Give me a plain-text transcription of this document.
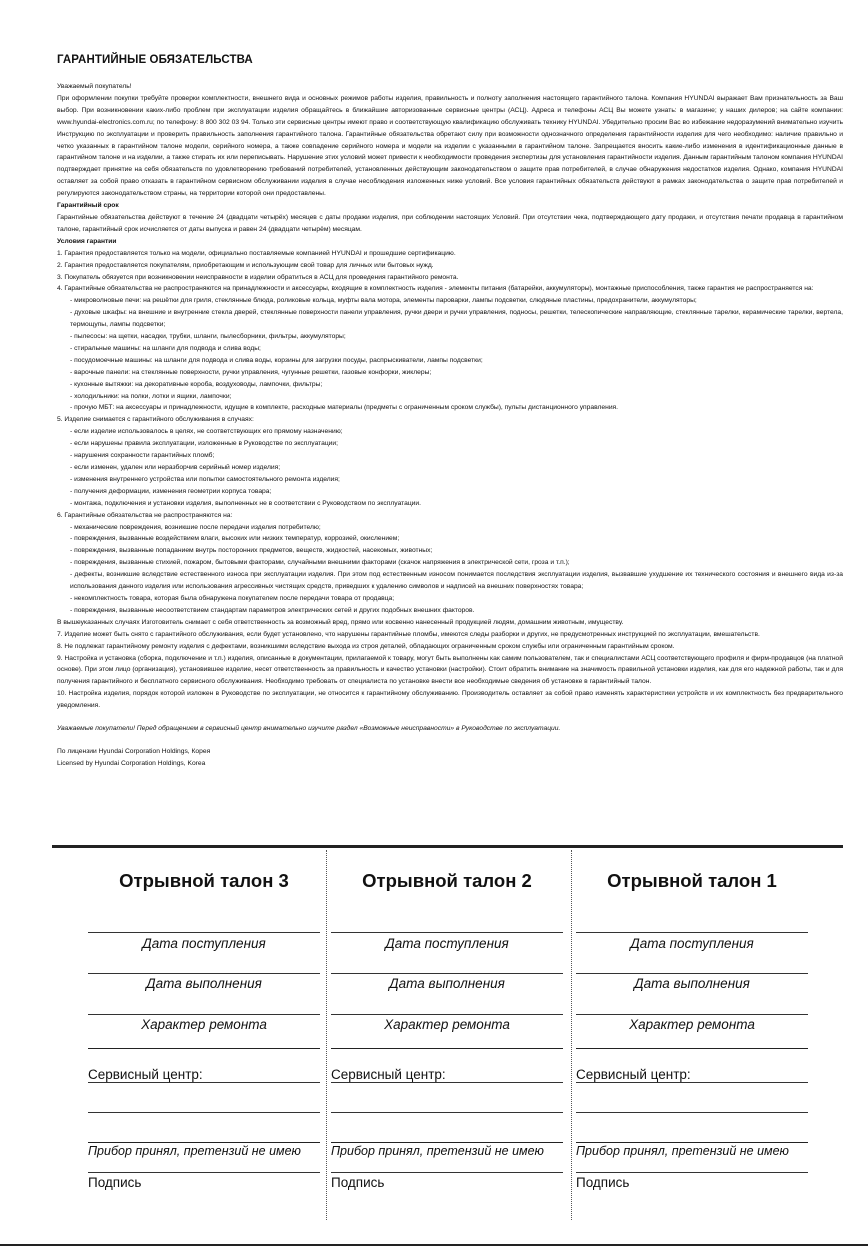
ГАРАНТИЙНЫЕ ОБЯЗАТЕЛЬСТВА

Уважаемый покупатель!

При оформлении покупки требуйте проверки комплектности, внешнего вида и основных режимов работы изделия, правильность и полноту заполнения настоящего гарантийного талона. Компания HYUNDAI выражает Вам признательность за Ваш выбор. При возникновении каких-либо проблем при эксплуатации изделия обращайтесь в ближайшие авторизованные сервисные центры (АСЦ). Адреса и телефоны АСЦ Вы можете узнать: в магазине; у наших дилеров; на сайте компании: www.hyundai-electronics.com.ru; по телефону: 8 800 302 03 94. Только эти сервисные центры имеют право и соответствующую квалификацию обслуживать технику HYUNDAI. Убедительно просим Вас во избежание недоразумений внимательно изучить Инструкцию по эксплуатации и проверить правильность заполнения гарантийного талона. Гарантийные обязательства обретают силу при возможности однозначного определения гарантийности изделия для чего необходимо: наличие правильно и четко указанных в гарантийном талоне модели, серийного номера, а также совпадение серийного номера и модели на изделии с указанными в гарантийном талоне. Запрещается вносить какие-либо изменения в идентификационные данные в гарантийном талоне и на изделии, а также стирать их или переписывать. Нарушение этих условий может привести к необходимости проведения экспертизы для установления гарантийности изделия. Данным гарантийным талоном компания HYUNDAI подтверждает принятие на себя обязательств по удовлетворению требований потребителей, установленных действующим законодательством о защите прав потребителей, в случае обнаружения недостатков изделия. Однако, компания HYUNDAI оставляет за собой право отказать в гарантийном сервисном обслуживании изделия в случае несоблюдения изложенных ниже условий. Все условия гарантийных обязательств действуют в рамках законодательства о защите прав потребителей и регулируются законодательством страны, на территории которой они предоставлены.

Гарантийный срок

Гарантийные обязательства действуют в течение 24 (двадцати четырёх) месяцев с даты продажи изделия, при соблюдении настоящих Условий. При отсутствии чека, подтверждающего дату продажи, и отсутствия печати продавца в гарантийном талоне, гарантийный срок исчисляется от даты выпуска и равен 24 (двадцати четырём) месяцам.

Условия гарантии

1. Гарантия предоставляется только на модели, официально поставляемые компанией HYUNDAI и прошедшие сертификацию.

2. Гарантия предоставляется покупателям, приобретающим и использующим свой товар для личных или бытовых нужд.

3. Покупатель обязуется при возникновении неисправности в изделии обратиться в АСЦ для проведения гарантийного ремонта.

4. Гарантийные обязательства не распространяются на принадлежности и аксессуары, входящие в комплектность изделия - элементы питания (батарейки, аккумуляторы), монтажные приспособления, также гарантия не распространяется на:

- микроволновые печи: на решётки для гриля, стеклянные блюда, роликовые кольца, муфты вала мотора, элементы пароварки, лампы подсветки, слюдяные пластины, предохранители, аккумуляторы;

- духовые шкафы: на внешние и внутренние стекла дверей, стеклянные поверхности панели управления, ручки двери и ручки управления, подносы, решетки, телескопические направляющие, стеклянные тарелки, керамические тарелки, вертела, термощупы, лампы подсветки;

- пылесосы: на щетки, насадки, трубки, шланги, пылесборники, фильтры, аккумуляторы;

- стиральные машины: на шланги для подвода и слива воды;

- посудомоечные машины: на шланги для подвода и слива воды, корзины для загрузки посуды, распрыскиватели, лампы подсветки;

- варочные панели: на стеклянные поверхности, ручки управления, чугунные решетки, газовые конфорки, жиклеры;

- кухонные вытяжки: на декоративные короба, воздуховоды, лампочки, фильтры;

- холодильники: на полки, лотки и ящики, лампочки;

- прочую МБТ: на аксессуары и принадлежности, идущие в комплекте, расходные материалы (предметы с ограниченным сроком службы), пульты дистанционного управления.

5. Изделие снимается с гарантийного обслуживания в случаях:

- если изделие использовалось в целях, не соответствующих его прямому назначению;

- если нарушены правила эксплуатации, изложенные в Руководстве по эксплуатации;

- нарушения сохранности гарантийных пломб;

- если изменен, удален или неразборчив серийный номер изделия;

- изменения внутреннего устройства или попытки самостоятельного ремонта изделия;

- получения деформации, изменения геометрии корпуса товара;

- монтажа, подключения и установки изделия, выполненных не в соответствии с Руководством по эксплуатации.

6. Гарантийные обязательства не распространяются на:

- механические повреждения, возникшие после передачи изделия потребителю;

- повреждения, вызванные воздействием влаги, высоких или низких температур, коррозией, окислением;

- повреждения, вызванные попаданием внутрь посторонних предметов, веществ, жидкостей, насекомых, животных;

- повреждения, вызванные стихией, пожаром, бытовыми факторами, случайными внешними факторами (скачок напряжения в электрической сети, гроза и т.п.);

- дефекты, возникшие вследствие естественного износа при эксплуатации изделия. При этом под естественным износом понимается последствия эксплуатации изделия, вызвавшие ухудшение их технического состояния и внешнего вида из-за использования данного изделия или использования агрессивных чистящих средств, приведших к удалению символов и надписей на внешних поверхностях товара;

- некомплектность товара, которая была обнаружена покупателем после передачи товара от продавца;

- повреждения, вызванные несоответствием стандартам параметров электрических сетей и других подобных внешних факторов.

В вышеуказанных случаях Изготовитель снимает с себя ответственность за возможный вред, прямо или косвенно нанесенный продукцией людям, домашним животным, имуществу.

7. Изделие может быть снято с гарантийного обслуживания, если будет установлено, что нарушены гарантийные пломбы, имеются следы разборки и других, не предусмотренных инструкцией по эксплуатации, вмешательств.

8. Не подлежат гарантийному ремонту изделия с дефектами, возникшими вследствие выхода из строя деталей, обладающих ограниченным сроком службы или ограниченным гарантийным сроком.

9. Настройка и установка (сборка, подключение и т.п.) изделия, описанные в документации, прилагаемой к товару, могут быть выполнены как самим пользователем, так и специалистами АСЦ соответствующего профиля и фирм-продавцов (на платной основе). При этом лицо (организация), установившее изделие, несет ответственность за правильность и качество установки (настройки). Стоит обратить внимание на значимость правильной установки изделия, как для его надежной работы, так и для получения гарантийного и бесплатного сервисного обслуживания. Необходимо требовать от специалиста по установке внести все необходимые сведения об установке в гарантийный талон.

10. Настройка изделия, порядок которой изложен в Руководстве по эксплуатации, не относится к гарантийному обслуживанию. Производитель оставляет за собой право изменять характеристики устройств и их комплектность без предварительного уведомления.

Уважаемые покупатели! Перед обращением в сервисный центр внимательно изучите раздел «Возможные неисправности» в Руководстве по эксплуатации.

По лицензии Hyundai Corporation Holdings, Корея

Licensed by Hyundai Corporation Holdings, Korea

Отрывной талон 3
Дата поступления
Дата выполнения
Характер ремонта
Сервисный центр:
Прибор принял, претензий не имею
Подпись
Отрывной талон 2
Дата поступления
Дата выполнения
Характер ремонта
Сервисный центр:
Прибор принял, претензий не имею
Подпись
Отрывной талон 1
Дата поступления
Дата выполнения
Характер ремонта
Сервисный центр:
Прибор принял, претензий не имею
Подпись
